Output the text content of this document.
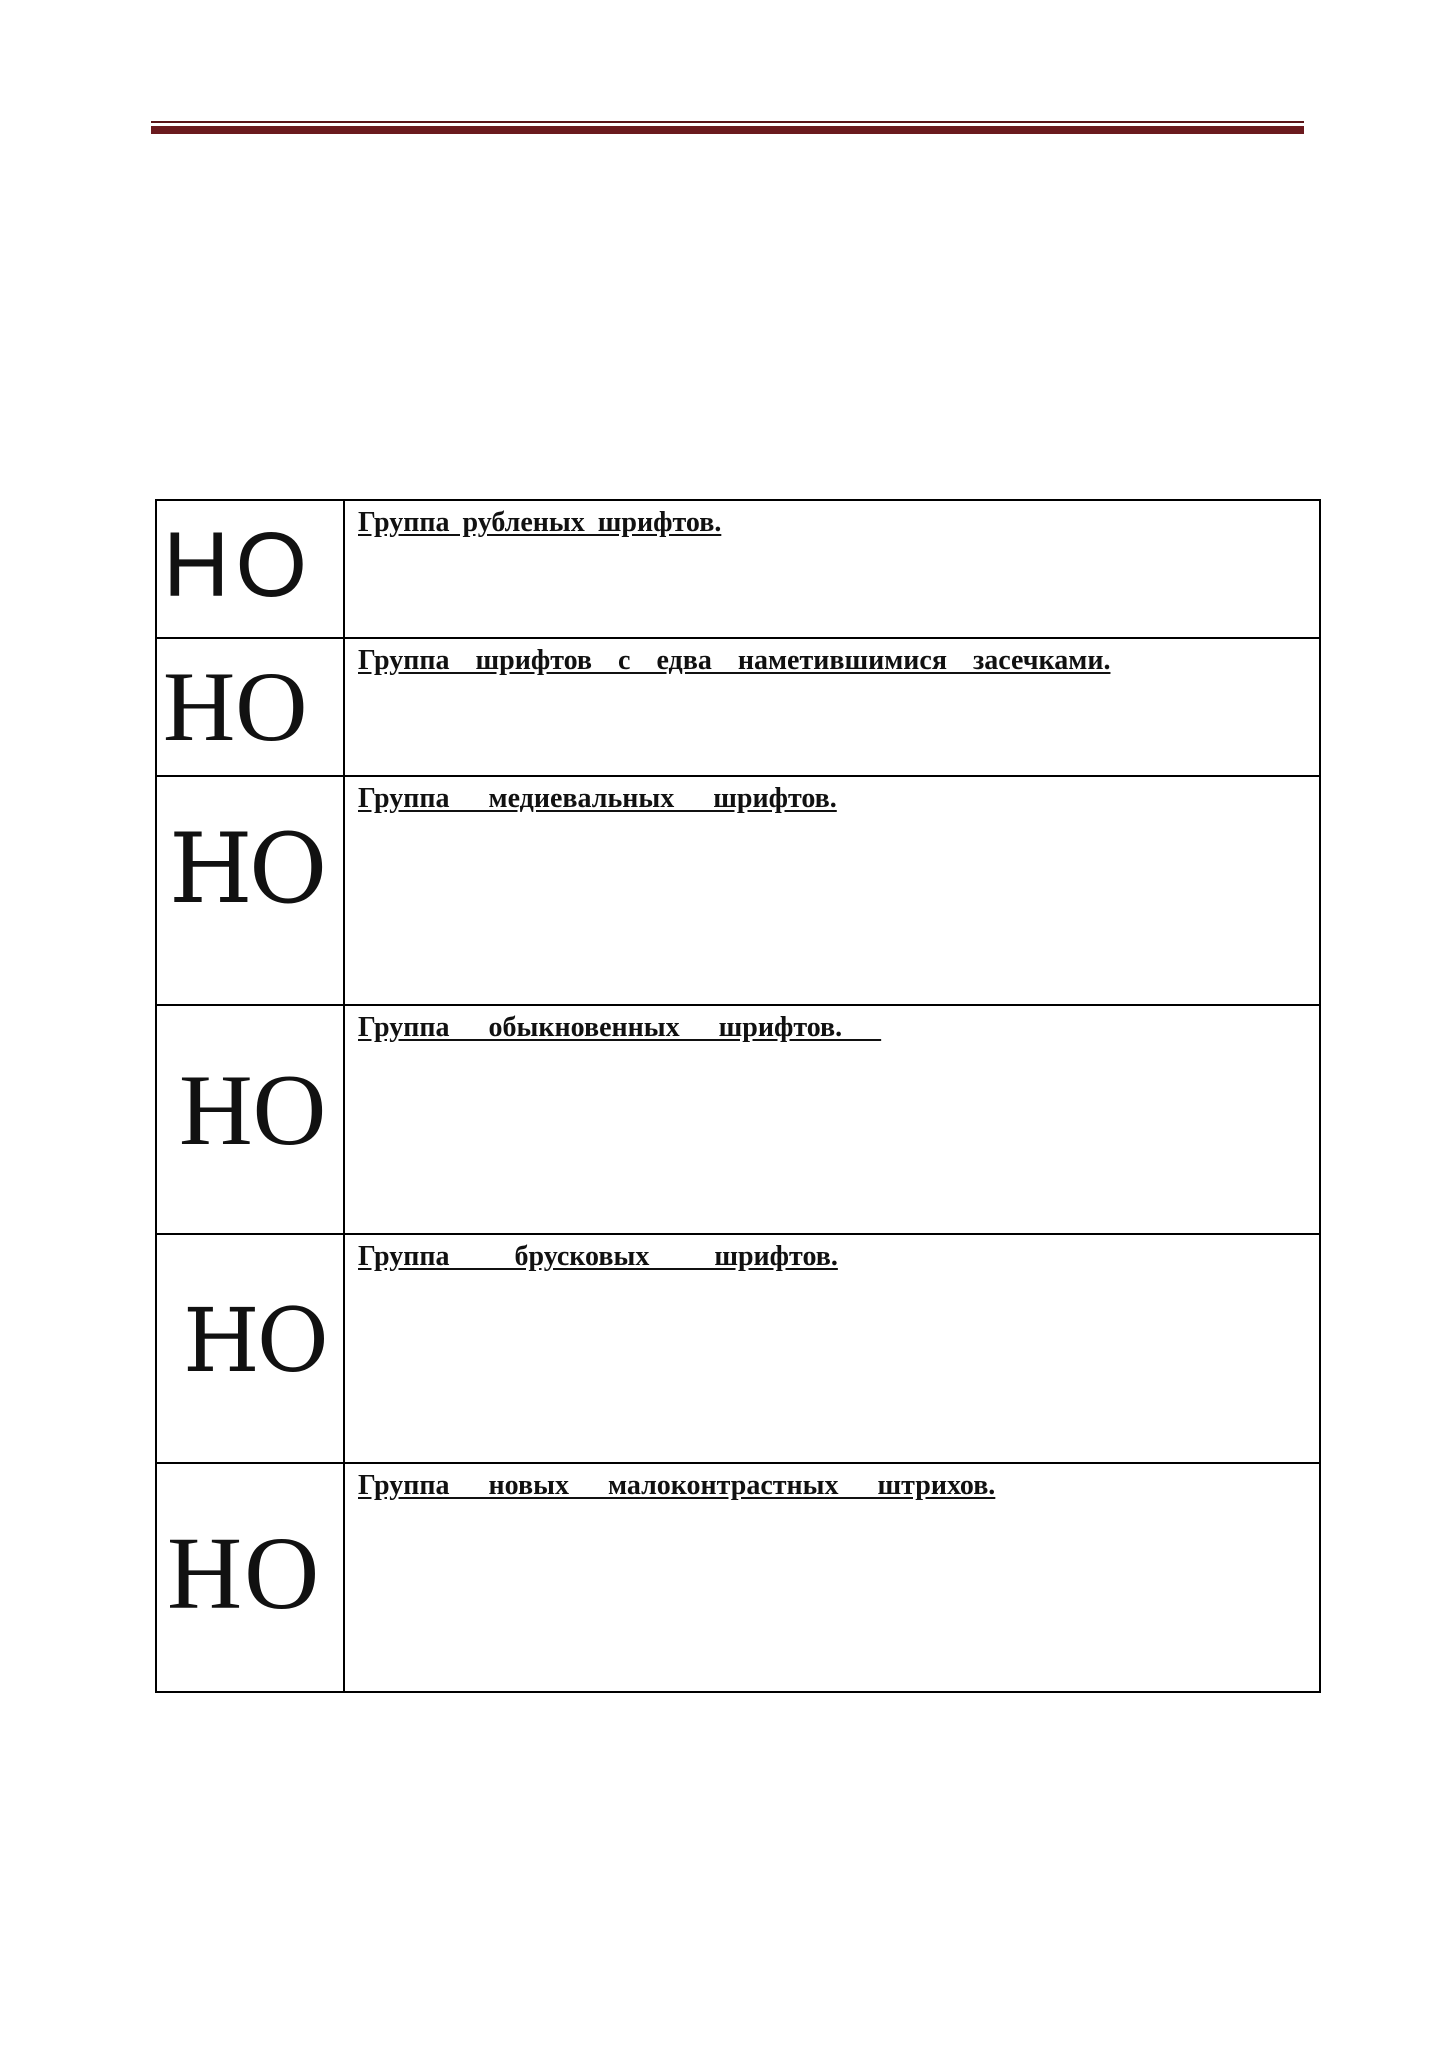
HO	Группа рубленых шрифтов.

HO	Группа  шрифтов  с  едва  наметившимися  засечками.

HO	Группа   медиевальных   шрифтов.

HO	Группа   обыкновенных   шрифтов.

HO	Группа     брусковых     шрифтов.

HO	Группа   новых   малоконтрастных   штрихов.
